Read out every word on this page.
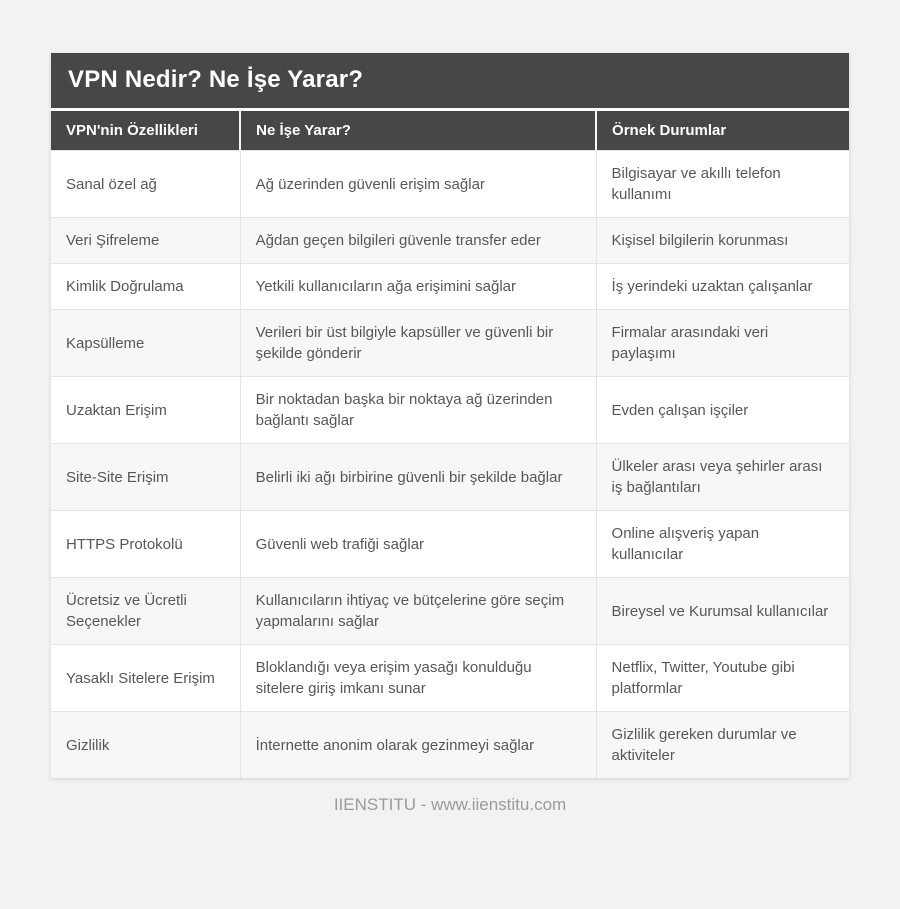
VPN Nedir? Ne İşe Yarar?
VPN'nin Özellikleri	Ne İşe Yarar?	Örnek Durumlar
Sanal özel ağ	Ağ üzerinden güvenli erişim sağlar	Bilgisayar ve akıllı telefon kullanımı
Veri Şifreleme	Ağdan geçen bilgileri güvenle transfer eder	Kişisel bilgilerin korunması
Kimlik Doğrulama	Yetkili kullanıcıların ağa erişimini sağlar	İş yerindeki uzaktan çalışanlar
Kapsülleme	Verileri bir üst bilgiyle kapsüller ve güvenli bir şekilde gönderir	Firmalar arasındaki veri paylaşımı
Uzaktan Erişim	Bir noktadan başka bir noktaya ağ üzerinden bağlantı sağlar	Evden çalışan işçiler
Site-Site Erişim	Belirli iki ağı birbirine güvenli bir şekilde bağlar	Ülkeler arası veya şehirler arası iş bağlantıları
HTTPS Protokolü	Güvenli web trafiği sağlar	Online alışveriş yapan kullanıcılar
Ücretsiz ve Ücretli Seçenekler	Kullanıcıların ihtiyaç ve bütçelerine göre seçim yapmalarını sağlar	Bireysel ve Kurumsal kullanıcılar
Yasaklı Sitelere Erişim	Bloklandığı veya erişim yasağı konulduğu sitelere giriş imkanı sunar	Netflix, Twitter, Youtube gibi platformlar
Gizlilik	İnternette anonim olarak gezinmeyi sağlar	Gizlilik gereken durumlar ve aktiviteler
IIENSTITU - www.iienstitu.com
